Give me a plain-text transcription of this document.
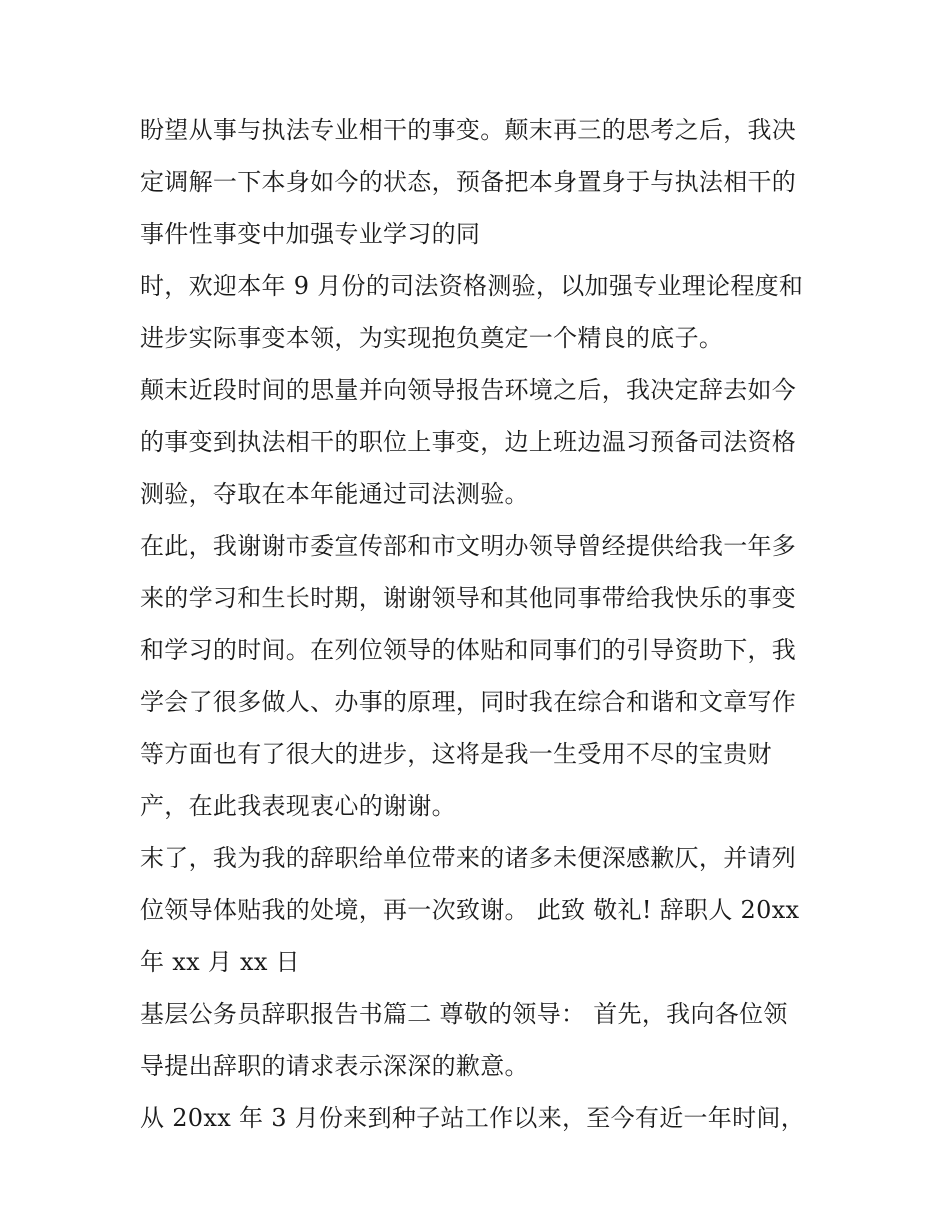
盼望从事与执法专业相干的事变。颠末再三的思考之后，我决
定调解一下本身如今的状态，预备把本身置身于与执法相干的
事件性事变中加强专业学习的同
时，欢迎本年 9 月份的司法资格测验，以加强专业理论程度和
进步实际事变本领，为实现抱负奠定一个精良的底子。
颠末近段时间的思量并向领导报告环境之后，我决定辞去如今
的事变到执法相干的职位上事变，边上班边温习预备司法资格
测验，夺取在本年能通过司法测验。
在此，我谢谢市委宣传部和市文明办领导曾经提供给我一年多
来的学习和生长时期，谢谢领导和其他同事带给我快乐的事变
和学习的时间。在列位领导的体贴和同事们的引导资助下，我
学会了很多做人、办事的原理，同时我在综合和谐和文章写作
等方面也有了很大的进步，这将是我一生受用不尽的宝贵财
产，在此我表现衷心的谢谢。
末了，我为我的辞职给单位带来的诸多未便深感歉仄，并请列
位领导体贴我的处境，再一次致谢。 此致 敬礼! 辞职人 20xx
年 xx 月 xx 日
基层公务员辞职报告书篇二 尊敬的领导： 首先，我向各位领
导提出辞职的请求表示深深的歉意。
从 20xx 年 3 月份来到种子站工作以来，至今有近一年时间，
